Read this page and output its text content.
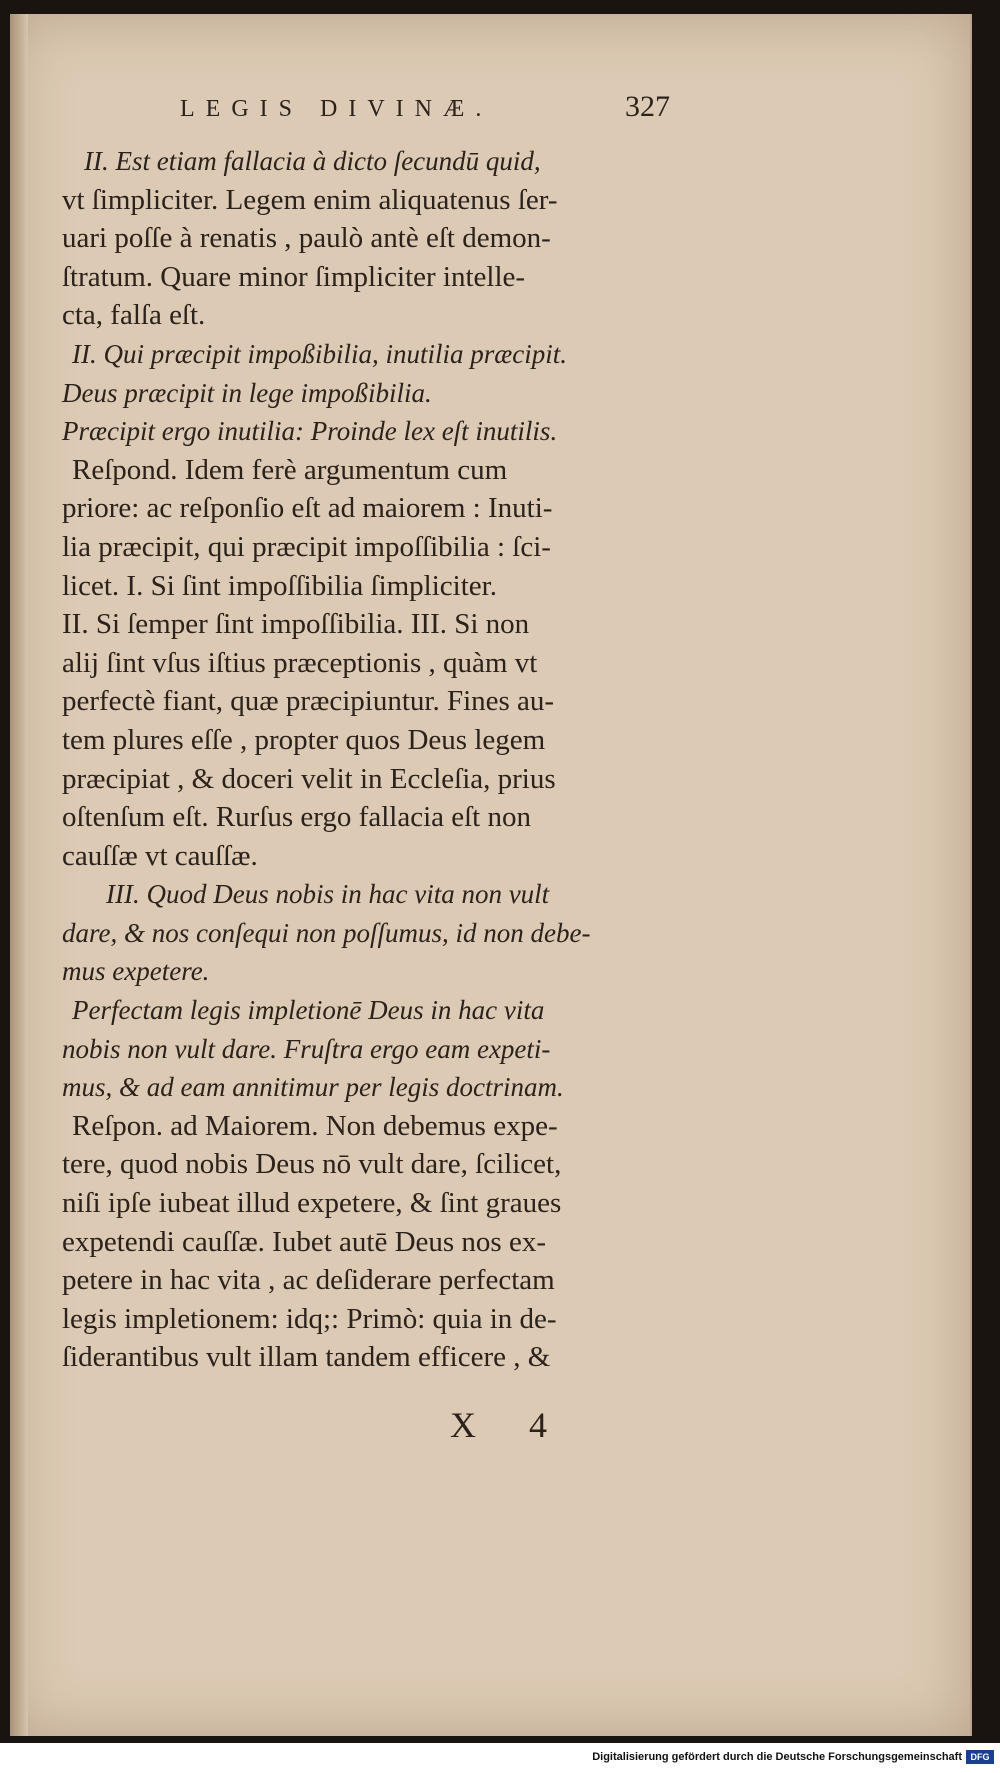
LEGIS DIVINÆ.	327
II. Est etiam fallacia à dicto ſecundū quid,
vt ſimpliciter. Legem enim aliquatenus ſer-
uari poſſe à renatis , paulò antè eſt demon-
ſtratum. Quare minor ſimpliciter intelle-
cta, falſa eſt.
II. Qui præcipit impoßibilia, inutilia præcipit.
Deus præcipit in lege impoßibilia.
Præcipit ergo inutilia: Proinde lex eſt inutilis.
Reſpond. Idem ferè argumentum cum
priore: ac reſponſio eſt ad maiorem : Inuti-
lia præcipit, qui præcipit impoſſibilia : ſci-
licet. I. Si ſint impoſſibilia ſimpliciter.
II. Si ſemper ſint impoſſibilia. III. Si non
alij ſint vſus iſtius præceptionis , quàm vt
perfectè fiant, quæ præcipiuntur. Fines au-
tem plures eſſe , propter quos Deus legem
præcipiat , & doceri velit in Eccleſia, prius
oſtenſum eſt. Rurſus ergo fallacia eſt non
cauſſæ vt cauſſæ.
III. Quod Deus nobis in hac vita non vult
dare, & nos conſequi non poſſumus, id non debe-
mus expetere.
Perfectam legis impletionē Deus in hac vita
nobis non vult dare. Fruſtra ergo eam expeti-
mus, & ad eam annitimur per legis doctrinam.
Reſpon. ad Maiorem. Non debemus expe-
tere, quod nobis Deus nō vult dare, ſcilicet,
niſi ipſe iubeat illud expetere, & ſint graues
expetendi cauſſæ. Iubet autē Deus nos ex-
petere in hac vita , ac deſiderare perfectam
legis impletionem: idq;: Primò: quia in de-
ſiderantibus vult illam tandem efficere , &
X 4
Digitalisierung gefördert durch die Deutsche Forschungsgemeinschaft DFG
